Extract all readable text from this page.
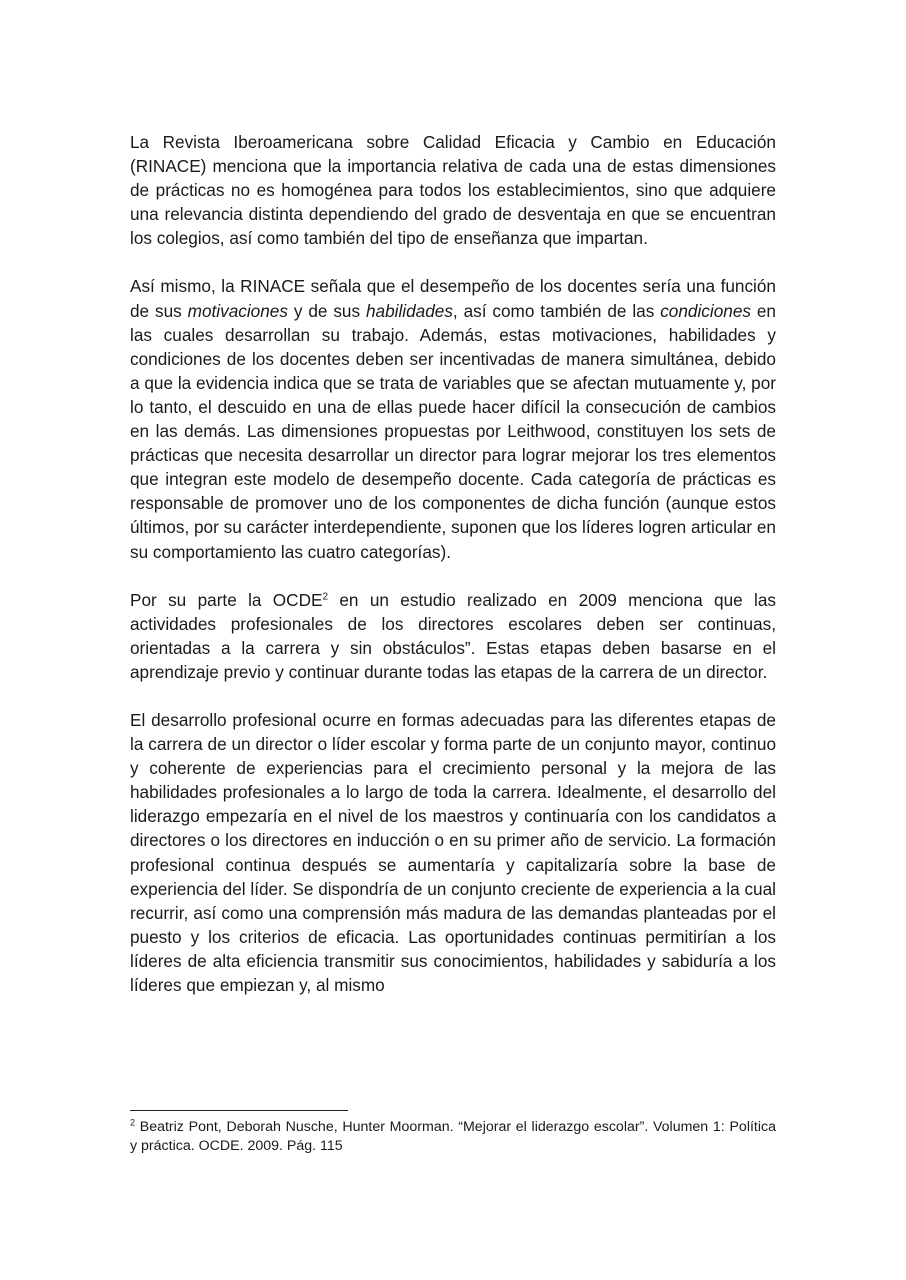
La Revista Iberoamericana sobre Calidad Eficacia y Cambio en Educación (RINACE) menciona que la importancia relativa de cada una de estas dimensiones de prácticas no es homogénea para todos los establecimientos, sino que adquiere una relevancia distinta dependiendo del grado de desventaja en que se encuentran los colegios, así como también del tipo de enseñanza que impartan.

Así mismo, la RINACE señala que el desempeño de los docentes sería una función de sus motivaciones y de sus habilidades, así como también de las condiciones en las cuales desarrollan su trabajo. Además, estas motivaciones, habilidades y condiciones de los docentes deben ser incentivadas de manera simultánea, debido a que la evidencia indica que se trata de variables que se afectan mutuamente y, por lo tanto, el descuido en una de ellas puede hacer difícil la consecución de cambios en las demás. Las dimensiones propuestas por Leithwood, constituyen los sets de prácticas que necesita desarrollar un director para lograr mejorar los tres elementos que integran este modelo de desempeño docente. Cada categoría de prácticas es responsable de promover uno de los componentes de dicha función (aunque estos últimos, por su carácter interdependiente, suponen que los líderes logren articular en su comportamiento las cuatro categorías).

Por su parte la OCDE$^2$ en un estudio realizado en 2009 menciona que las actividades profesionales de los directores escolares deben ser continuas, orientadas a la carrera y sin obstáculos”. Estas etapas deben basarse en el aprendizaje previo y continuar durante todas las etapas de la carrera de un director.

El desarrollo profesional ocurre en formas adecuadas para las diferentes etapas de la carrera de un director o líder escolar y forma parte de un conjunto mayor, continuo y coherente de experiencias para el crecimiento personal y la mejora de las habilidades profesionales a lo largo de toda la carrera. Idealmente, el desarrollo del liderazgo empezaría en el nivel de los maestros y continuaría con los candidatos a directores o los directores en inducción o en su primer año de servicio. La formación profesional continua después se aumentaría y capitalizaría sobre la base de experiencia del líder. Se dispondría de un conjunto creciente de experiencia a la cual recurrir, así como una comprensión más madura de las demandas planteadas por el puesto y los criterios de eficacia. Las oportunidades continuas permitirían a los líderes de alta eficiencia transmitir sus conocimientos, habilidades y sabiduría a los líderes que empiezan y, al mismo

$^2$ Beatriz Pont, Deborah Nusche, Hunter Moorman. “Mejorar el liderazgo escolar”. Volumen 1: Política y práctica. OCDE. 2009. Pág. 115
